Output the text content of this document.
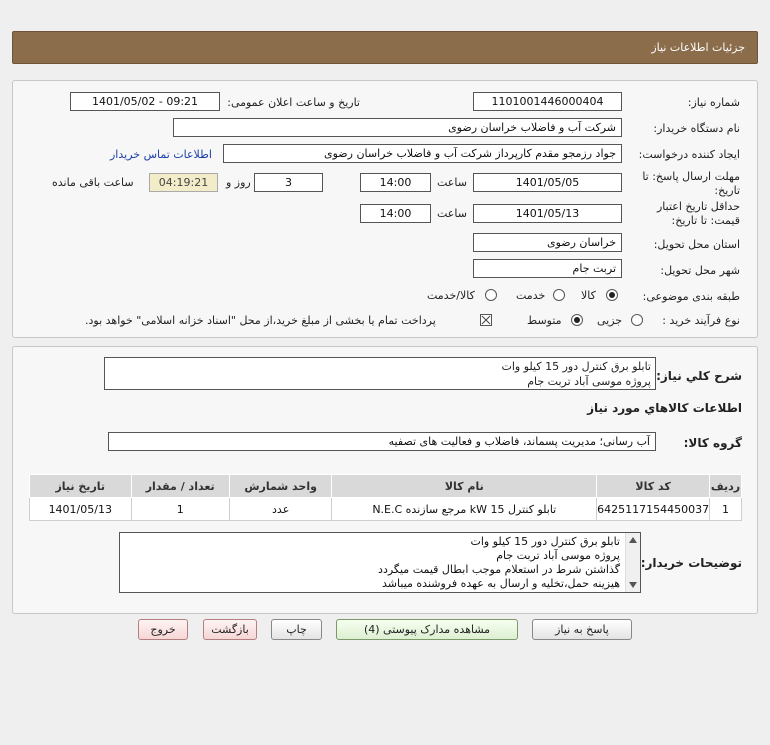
جزئیات اطلاعات نیاز
شماره نیاز:
1101001446000404
تاریخ و ساعت اعلان عمومی:
1401/05/02 - 09:21
نام دستگاه خریدار:
شرکت آب و فاضلاب خراسان رضوی
ایجاد کننده درخواست:
جواد رزمجو مقدم کارپرداز شرکت آب و فاضلاب خراسان رضوی
اطلاعات تماس خریدار
مهلت ارسال پاسخ: تا
تاریخ:
1401/05/05
ساعت
14:00
3
روز و
04:19:21
ساعت باقی مانده
حداقل تاریخ اعتبار
قیمت: تا تاریخ:
1401/05/13
ساعت
14:00
استان محل تحویل:
خراسان رضوی
شهر محل تحویل:
تربت جام
طبقه بندی موضوعی:
کالا
خدمت
کالا/خدمت
نوع فرآیند خرید :
جزیی
متوسط
پرداخت تمام یا بخشی از مبلغ خرید،از محل "اسناد خزانه اسلامی" خواهد بود.
شرح کلي نياز:
تابلو برق کنترل دور 15 کیلو وات
پروژه موسی آباد تربت جام
اطلاعات کالاهاي مورد نياز
گروه کالا:
آب رسانی؛ مدیریت پسماند، فاضلاب و فعالیت های تصفیه
ردیف	کد کالا	نام کالا	واحد شمارش	تعداد / مقدار	تاریخ نیاز
1	6425117154450037	تابلو کنترل kW 15 مرجع سازنده N.E.C	عدد	1	1401/05/13
توضیحات خریدار:
تابلو برق کنترل دور 15 کیلو وات
پروژه موسی آباد تربت جام
گذاشتن شرط در استعلام موجب ابطال قیمت میگردد
هیزینه حمل،تخلیه و ارسال به عهده فروشنده میباشد
پاسخ به نیاز
مشاهده مدارک پیوستی (4)
چاپ
بازگشت
خروج
